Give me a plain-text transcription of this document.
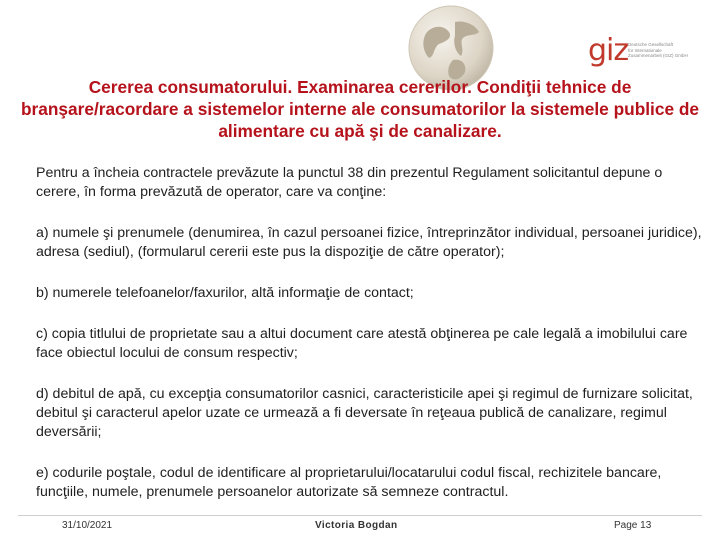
giz Deutsche Gesellschaft
für Internationale
Zusammenarbeit (GIZ) GmbH
Cererea consumatorului. Examinarea cererilor. Condiţii tehnice de branşare/racordare a sistemelor interne ale consumatorilor la sistemele publice de alimentare cu apă şi de canalizare.

Pentru a încheia contractele prevăzute la punctul 38 din prezentul Regulament solicitantul depune o cerere, în forma prevăzută de operator, care va conţine:

a) numele şi prenumele (denumirea, în cazul persoanei fizice, întreprinzător individual, persoanei juridice), adresa (sediul), (formularul cererii este pus la dispoziţie de către operator);

b) numerele telefoanelor/faxurilor, altă informaţie de contact;

c) copia titlului de proprietate sau a altui document care atestă obţinerea pe cale legală a imobilului care face obiectul locului de consum respectiv;

d) debitul de apă, cu excepţia consumatorilor casnici, caracteristicile apei şi regimul de furnizare solicitat, debitul şi caracterul apelor uzate ce urmează a fi deversate în reţeaua publică de canalizare, regimul deversării;

e) codurile poştale, codul de identificare al proprietarului/locatarului codul fiscal, rechizitele bancare, funcţiile, numele, prenumele persoanelor autorizate să semneze contractul.

31/10/2021	Victoria Bogdan	Page 13
